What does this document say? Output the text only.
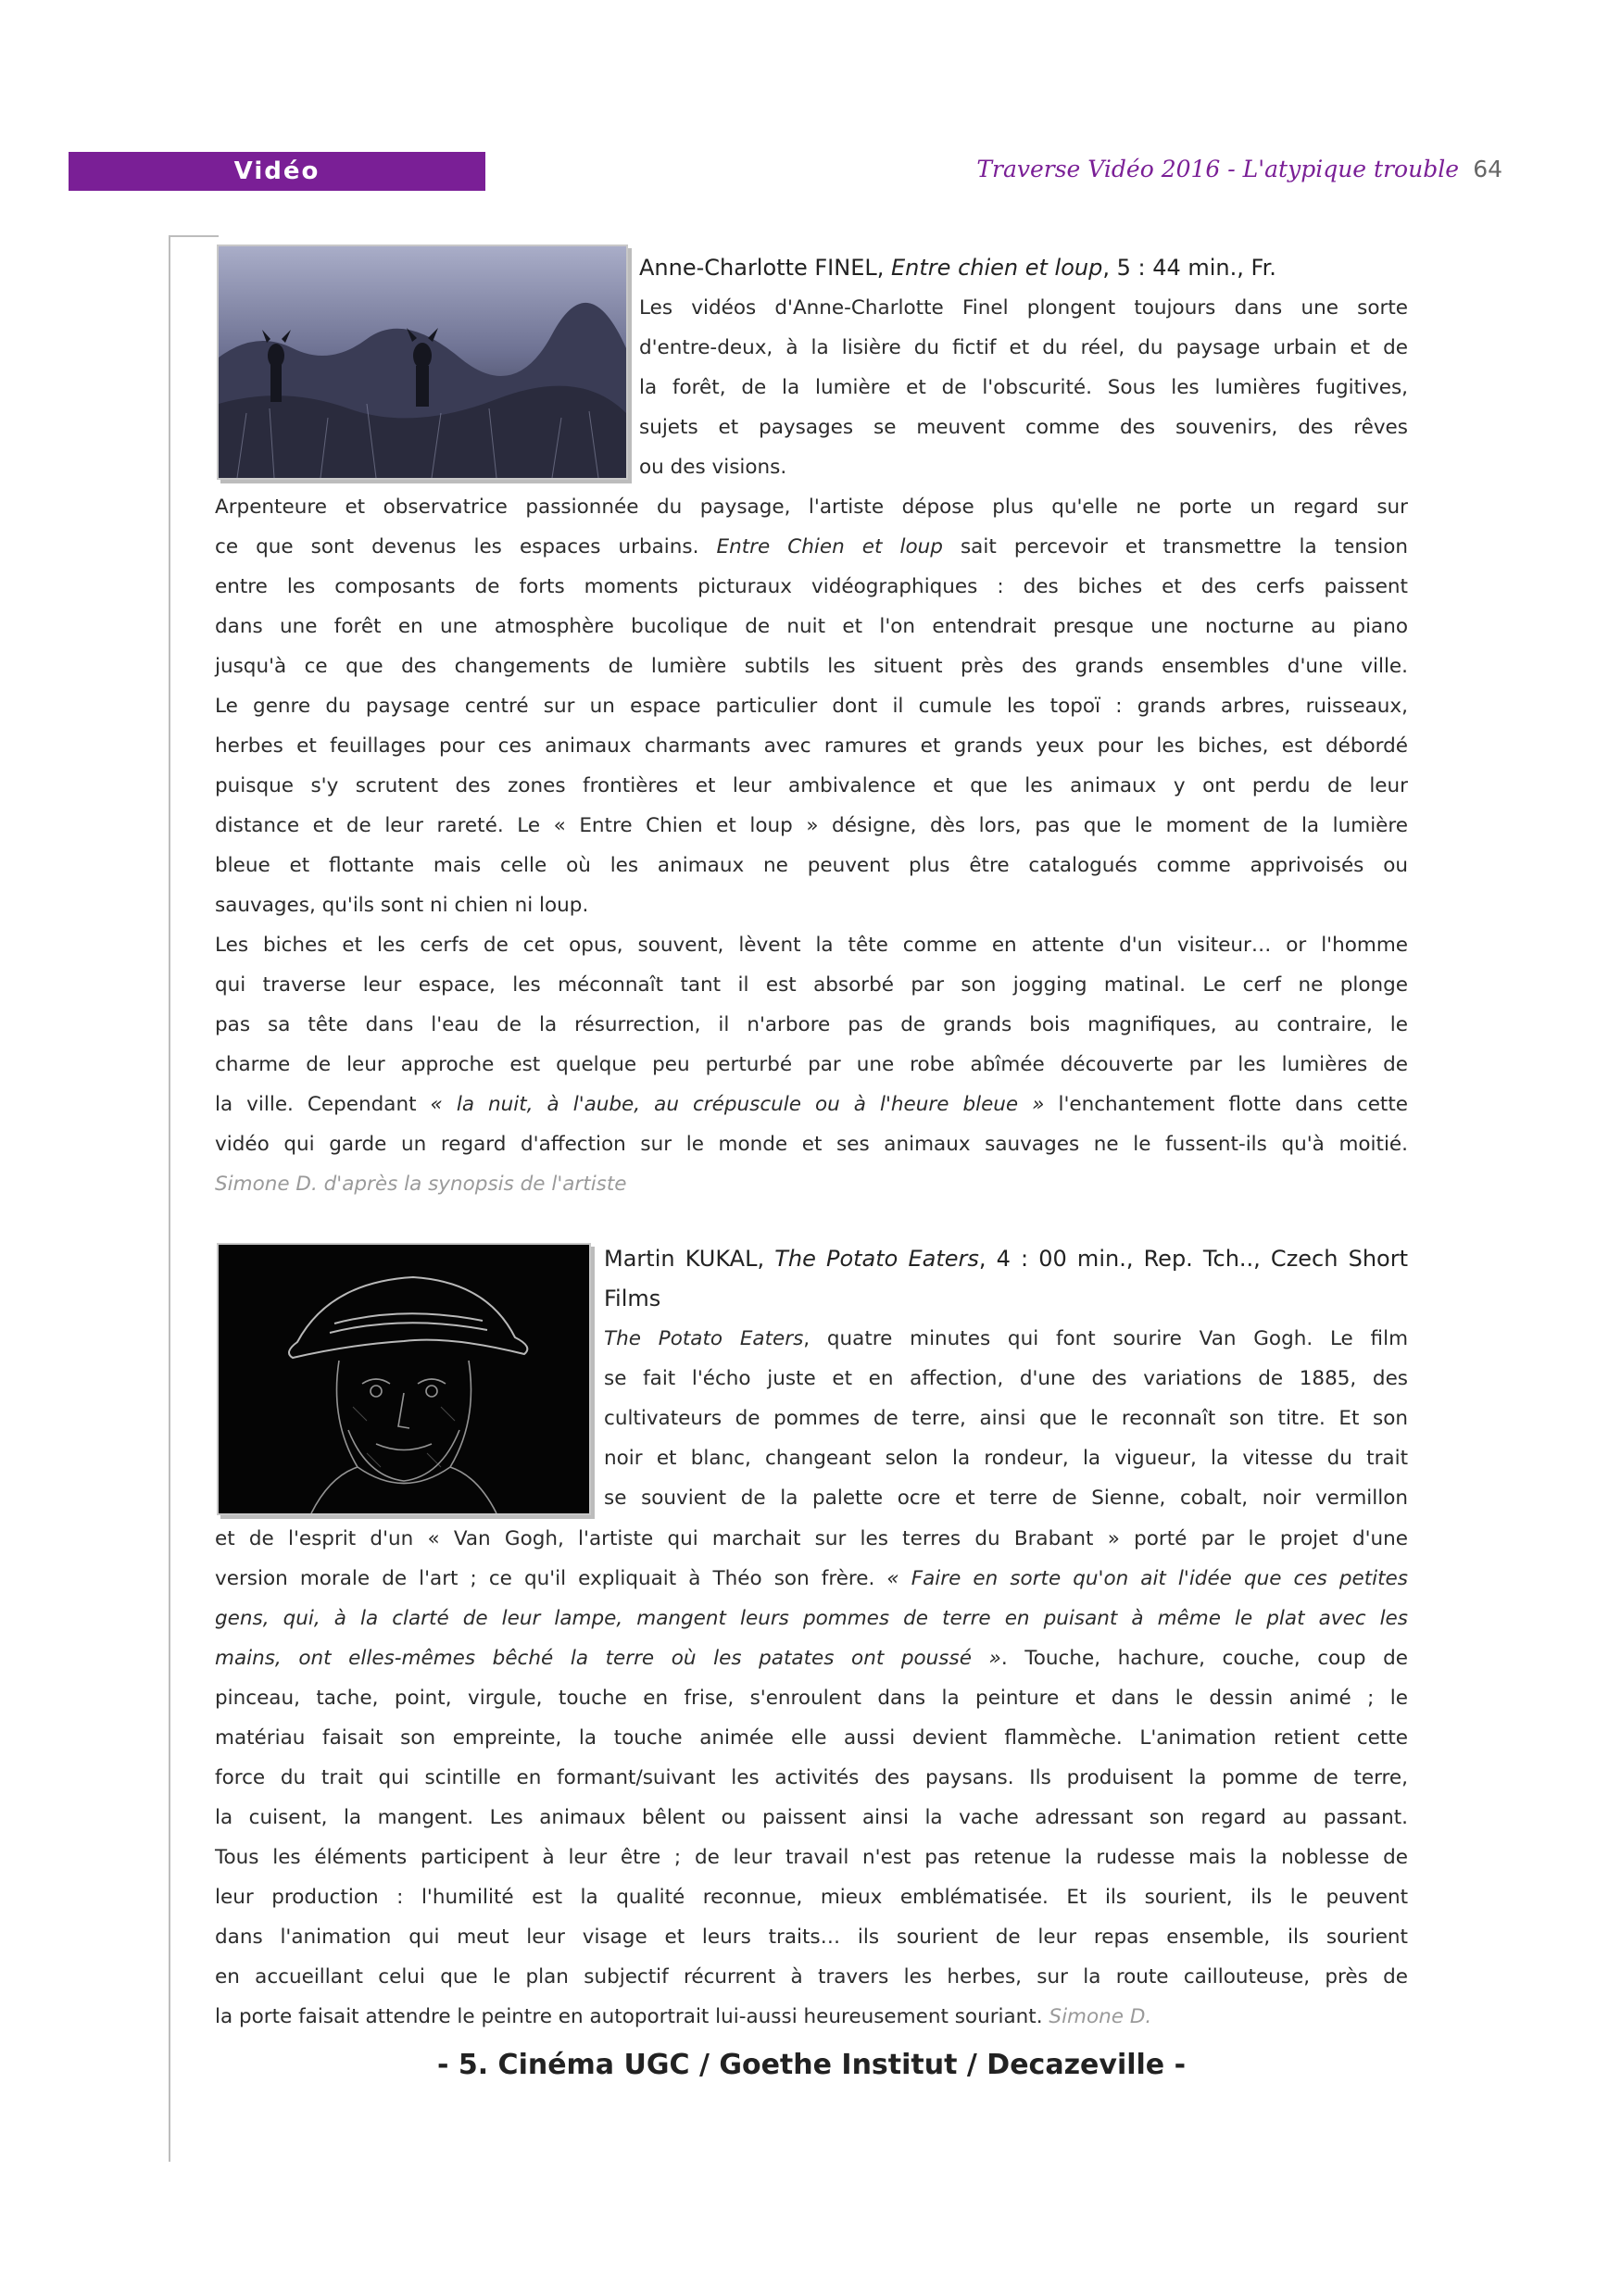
Vidéo	Traverse Vidéo 2016 - L'atypique trouble 64

Anne-Charlotte FINEL, Entre chien et loup, 5 : 44 min., Fr.

Les vidéos d'Anne-Charlotte Finel plongent toujours dans une sorte
d'entre-deux, à la lisière du fictif et du réel, du paysage urbain et de
la forêt, de la lumière et de l'obscurité. Sous les lumières fugitives,
sujets et paysages se meuvent comme des souvenirs, des rêves
ou des visions.
Arpenteure et observatrice passionnée du paysage, l'artiste dépose plus qu'elle ne porte un regard sur
ce que sont devenus les espaces urbains. Entre Chien et loup sait percevoir et transmettre la tension
entre les composants de forts moments picturaux vidéographiques : des biches et des cerfs paissent
dans une forêt en une atmosphère bucolique de nuit et l'on entendrait presque une nocturne au piano
jusqu'à ce que des changements de lumière subtils les situent près des grands ensembles d'une ville.
Le genre du paysage centré sur un espace particulier dont il cumule les topoï : grands arbres, ruisseaux,
herbes et feuillages pour ces animaux charmants avec ramures et grands yeux pour les biches, est débordé
puisque s'y scrutent des zones frontières et leur ambivalence et que les animaux y ont perdu de leur
distance et de leur rareté. Le « Entre Chien et loup » désigne, dès lors, pas que le moment de la lumière
bleue et flottante mais celle où les animaux ne peuvent plus être catalogués comme apprivoisés ou
sauvages, qu'ils sont ni chien ni loup.
Les biches et les cerfs de cet opus, souvent, lèvent la tête comme en attente d'un visiteur… or l'homme
qui traverse leur espace, les méconnaît tant il est absorbé par son jogging matinal. Le cerf ne plonge
pas sa tête dans l'eau de la résurrection, il n'arbore pas de grands bois magnifiques, au contraire, le
charme de leur approche est quelque peu perturbé par une robe abîmée découverte par les lumières de
la ville. Cependant « la nuit, à l'aube, au crépuscule ou à l'heure bleue » l'enchantement flotte dans cette
vidéo qui garde un regard d'affection sur le monde et ses animaux sauvages ne le fussent-ils qu'à moitié.
Simone D. d'après la synopsis de l'artiste
Martin KUKAL, The Potato Eaters, 4 : 00 min., Rep. Tch.., Czech Short
Films
The Potato Eaters, quatre minutes qui font sourire Van Gogh. Le film
se fait l'écho juste et en affection, d'une des variations de 1885, des
cultivateurs de pommes de terre, ainsi que le reconnaît son titre. Et son
noir et blanc, changeant selon la rondeur, la vigueur, la vitesse du trait
se souvient de la palette ocre et terre de Sienne, cobalt, noir vermillon
et de l'esprit d'un « Van Gogh, l'artiste qui marchait sur les terres du Brabant » porté par le projet d'une
version morale de l'art ; ce qu'il expliquait à Théo son frère. « Faire en sorte qu'on ait l'idée que ces petites
gens, qui, à la clarté de leur lampe, mangent leurs pommes de terre en puisant à même le plat avec les
mains, ont elles-mêmes bêché la terre où les patates ont poussé ». Touche, hachure, couche, coup de
pinceau, tache, point, virgule, touche en frise, s'enroulent dans la peinture et dans le dessin animé ; le
matériau faisait son empreinte, la touche animée elle aussi devient flammèche. L'animation retient cette
force du trait qui scintille en formant/suivant les activités des paysans. Ils produisent la pomme de terre,
la cuisent, la mangent. Les animaux bêlent ou paissent ainsi la vache adressant son regard au passant.
Tous les éléments participent à leur être ; de leur travail n'est pas retenue la rudesse mais la noblesse de
leur production : l'humilité est la qualité reconnue, mieux emblématisée. Et ils sourient, ils le peuvent
dans l'animation qui meut leur visage et leurs traits… ils sourient de leur repas ensemble, ils sourient
en accueillant celui que le plan subjectif récurrent à travers les herbes, sur la route caillouteuse, près de
la porte faisait attendre le peintre en autoportrait lui-aussi heureusement souriant. Simone D.
- 5. Cinéma UGC / Goethe Institut / Decazeville -
